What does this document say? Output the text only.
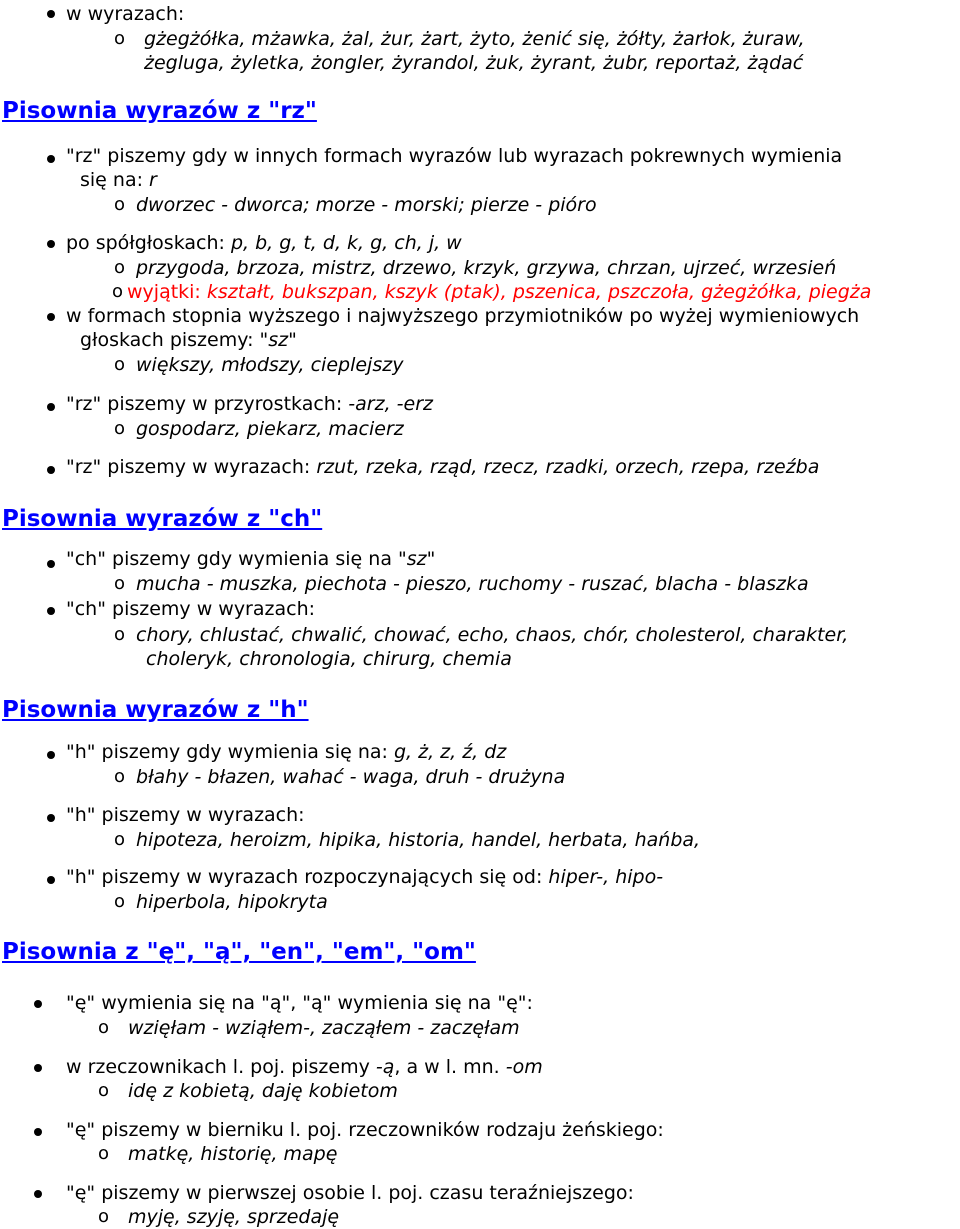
w wyrazach:
o gżegżółka, mżawka, żal, żur, żart, żyto, żenić się, żółty, żarłok, żuraw,
żegluga, żyletka, żongler, żyrandol, żuk, żyrant, żubr, reportaż, żądać
Pisownia wyrazów z "rz"
"rz" piszemy gdy w innych formach wyrazów lub wyrazach pokrewnych wymienia
się na: r
o dworzec - dworca; morze - morski; pierze - pióro
po spółgłoskach: p, b, g, t, d, k, g, ch, j, w
o przygoda, brzoza, mistrz, drzewo, krzyk, grzywa, chrzan, ujrzeć, wrzesień
o wyjątki: kształt, bukszpan, kszyk (ptak), pszenica, pszczoła, gżegżółka, piegża
w formach stopnia wyższego i najwyższego przymiotników po wyżej wymieniowych
głoskach piszemy: "sz"
o większy, młodszy, cieplejszy
"rz" piszemy w przyrostkach: -arz, -erz
o gospodarz, piekarz, macierz
"rz" piszemy w wyrazach: rzut, rzeka, rząd, rzecz, rzadki, orzech, rzepa, rzeźba
Pisownia wyrazów z "ch"
"ch" piszemy gdy wymienia się na "sz"
o mucha - muszka, piechota - pieszo, ruchomy - ruszać, blacha - blaszka
"ch" piszemy w wyrazach:
o chory, chlustać, chwalić, chować, echo, chaos, chór, cholesterol, charakter,
choleryk, chronologia, chirurg, chemia
Pisownia wyrazów z "h"
"h" piszemy gdy wymienia się na: g, ż, z, ź, dz
o błahy - błazen, wahać - waga, druh - drużyna
"h" piszemy w wyrazach:
o hipoteza, heroizm, hipika, historia, handel, herbata, hańba,
"h" piszemy w wyrazach rozpoczynających się od: hiper-, hipo-
o hiperbola, hipokryta
Pisownia z "ę", "ą", "en", "em", "om"
"ę" wymienia się na "ą", "ą" wymienia się na "ę":
o wzięłam - wziąłem-, zacząłem - zaczęłam
w rzeczownikach l. poj. piszemy -ą, a w l. mn. -om
o idę z kobietą, daję kobietom
"ę" piszemy w bierniku l. poj. rzeczowników rodzaju żeńskiego:
o matkę, historię, mapę
"ę" piszemy w pierwszej osobie l. poj. czasu teraźniejszego:
o myję, szyję, sprzedaję
